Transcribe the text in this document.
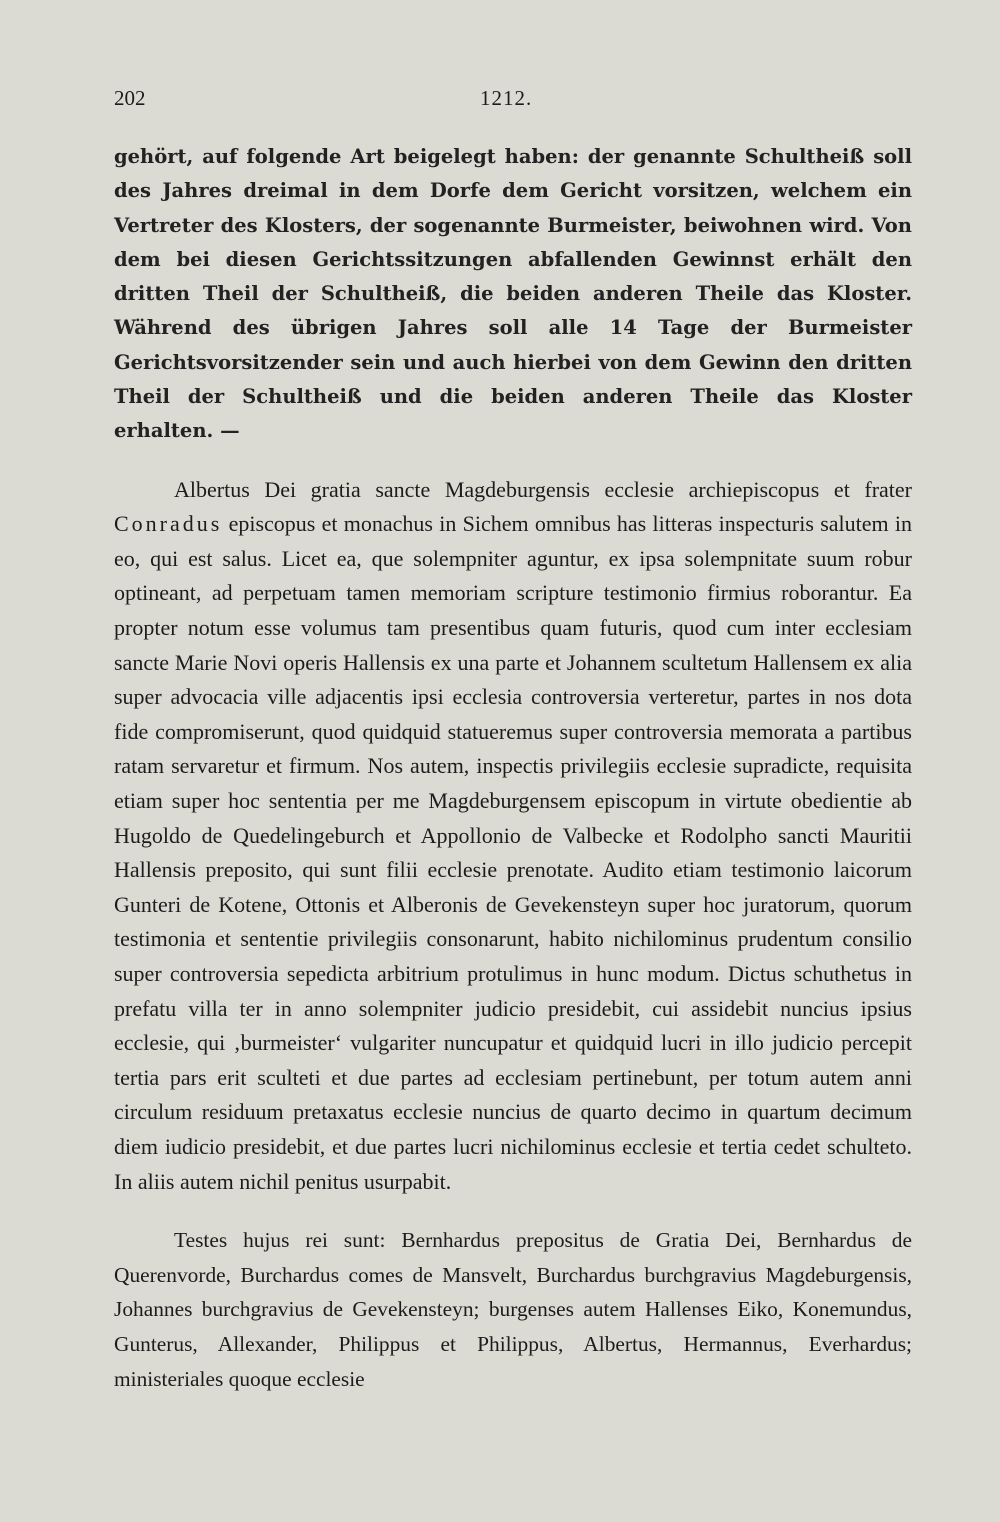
202	1212.

gehört, auf folgende Art beigelegt haben: der genannte Schultheiß soll des Jahres dreimal in dem Dorfe dem Gericht vorsitzen, welchem ein Vertreter des Klosters, der sogenannte Burmeister, beiwohnen wird. Von dem bei diesen Gerichtssitzungen abfallenden Gewinnst erhält den dritten Theil der Schultheiß, die beiden anderen Theile das Kloster. Während des übrigen Jahres soll alle 14 Tage der Burmeister Gerichtsvorsitzender sein und auch hierbei von dem Gewinn den dritten Theil der Schultheiß und die beiden anderen Theile das Kloster erhalten. —

Albertus Dei gratia sancte Magdeburgensis ecclesie archiepiscopus et frater Conradus episcopus et monachus in Sichem omnibus has litteras inspecturis salutem in eo, qui est salus. Licet ea, que solempniter aguntur, ex ipsa solempnitate suum robur optineant, ad perpetuam tamen memoriam scripture testimonio firmius roborantur. Ea propter notum esse volumus tam presentibus quam futuris, quod cum inter ecclesiam sancte Marie Novi operis Hallensis ex una parte et Johannem scultetum Hallensem ex alia super advocacia ville adjacentis ipsi ecclesia controversia verteretur, partes in nos dota fide compromiserunt, quod quidquid statueremus super controversia memorata a partibus ratam servaretur et firmum. Nos autem, inspectis privilegiis ecclesie supradicte, requisita etiam super hoc sententia per me Magdeburgensem episcopum in virtute obedientie ab Hugoldo de Quedelingeburch et Appollonio de Valbecke et Rodolpho sancti Mauritii Hallensis preposito, qui sunt filii ecclesie prenotate. Audito etiam testimonio laicorum Gunteri de Kotene, Ottonis et Alberonis de Gevekensteyn super hoc juratorum, quorum testimonia et sententie privilegiis consonarunt, habito nichilominus prudentum consilio super controversia sepedicta arbitrium protulimus in hunc modum. Dictus schuthetus in prefatu villa ter in anno solempniter judicio presidebit, cui assidebit nuncius ipsius ecclesie, qui ‚burmeister‘ vulgariter nuncupatur et quidquid lucri in illo judicio percepit tertia pars erit sculteti et due partes ad ecclesiam pertinebunt, per totum autem anni circulum residuum pretaxatus ecclesie nuncius de quarto decimo in quartum decimum diem iudicio presidebit, et due partes lucri nichilominus ecclesie et tertia cedet schulteto. In aliis autem nichil penitus usurpabit.

Testes hujus rei sunt: Bernhardus prepositus de Gratia Dei, Bernhardus de Querenvorde, Burchardus comes de Mansvelt, Burchardus burchgravius Magdeburgensis, Johannes burchgravius de Gevekensteyn; burgenses autem Hallenses Eiko, Konemundus, Gunterus, Allexander, Philippus et Philippus, Albertus, Hermannus, Everhardus; ministeriales quoque ecclesie
